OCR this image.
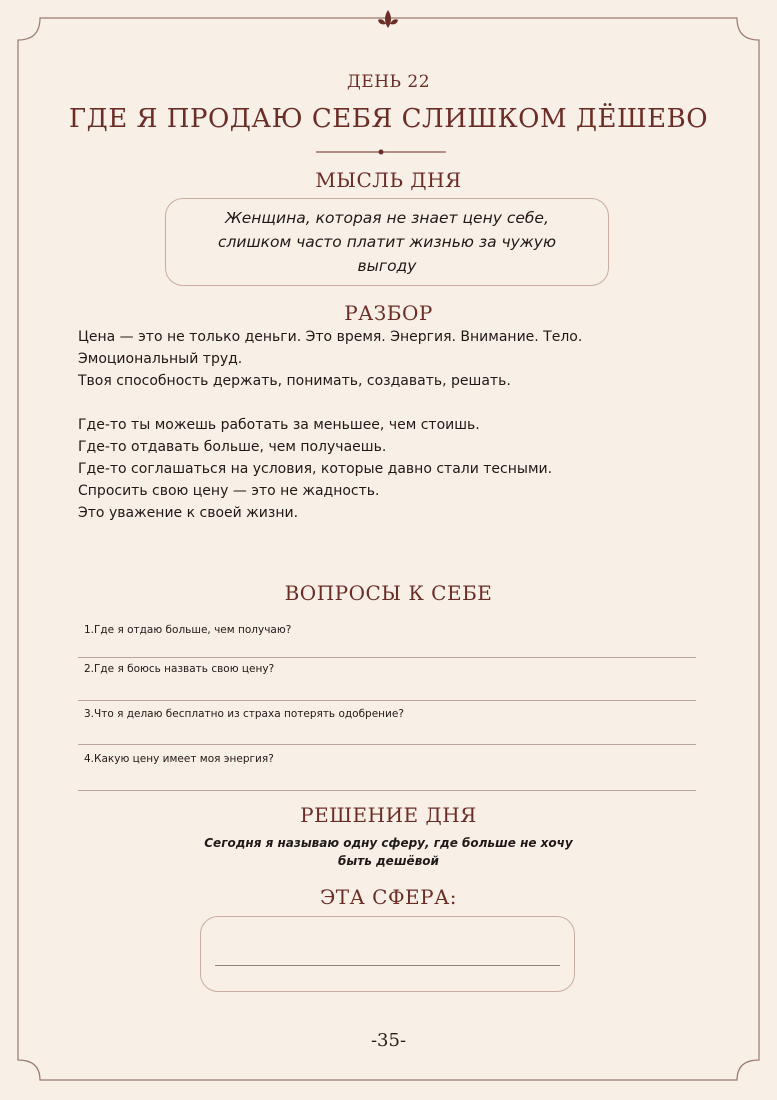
ДЕНЬ 22
ГДЕ Я ПРОДАЮ СЕБЯ СЛИШКОМ ДЁШЕВО
МЫСЛЬ ДНЯ
Женщина, которая не знает цену себе,
слишком часто платит жизнью за чужую
выгоду
РАЗБОР
Цена — это не только деньги. Это время. Энергия. Внимание. Тело.
Эмоциональный труд.
Твоя способность держать, понимать, создавать, решать.
Где-то ты можешь работать за меньшее, чем стоишь.
Где-то отдавать больше, чем получаешь.
Где-то соглашаться на условия, которые давно стали тесными.
Спросить свою цену — это не жадность.
Это уважение к своей жизни.
ВОПРОСЫ К СЕБЕ
1.Где я отдаю больше, чем получаю?
2.Где я боюсь назвать свою цену?
3.Что я делаю бесплатно из страха потерять одобрение?
4.Какую цену имеет моя энергия?
РЕШЕНИЕ ДНЯ
Сегодня я называю одну сферу, где больше не хочу
быть дешёвой
ЭТА СФЕРА:
-35-
